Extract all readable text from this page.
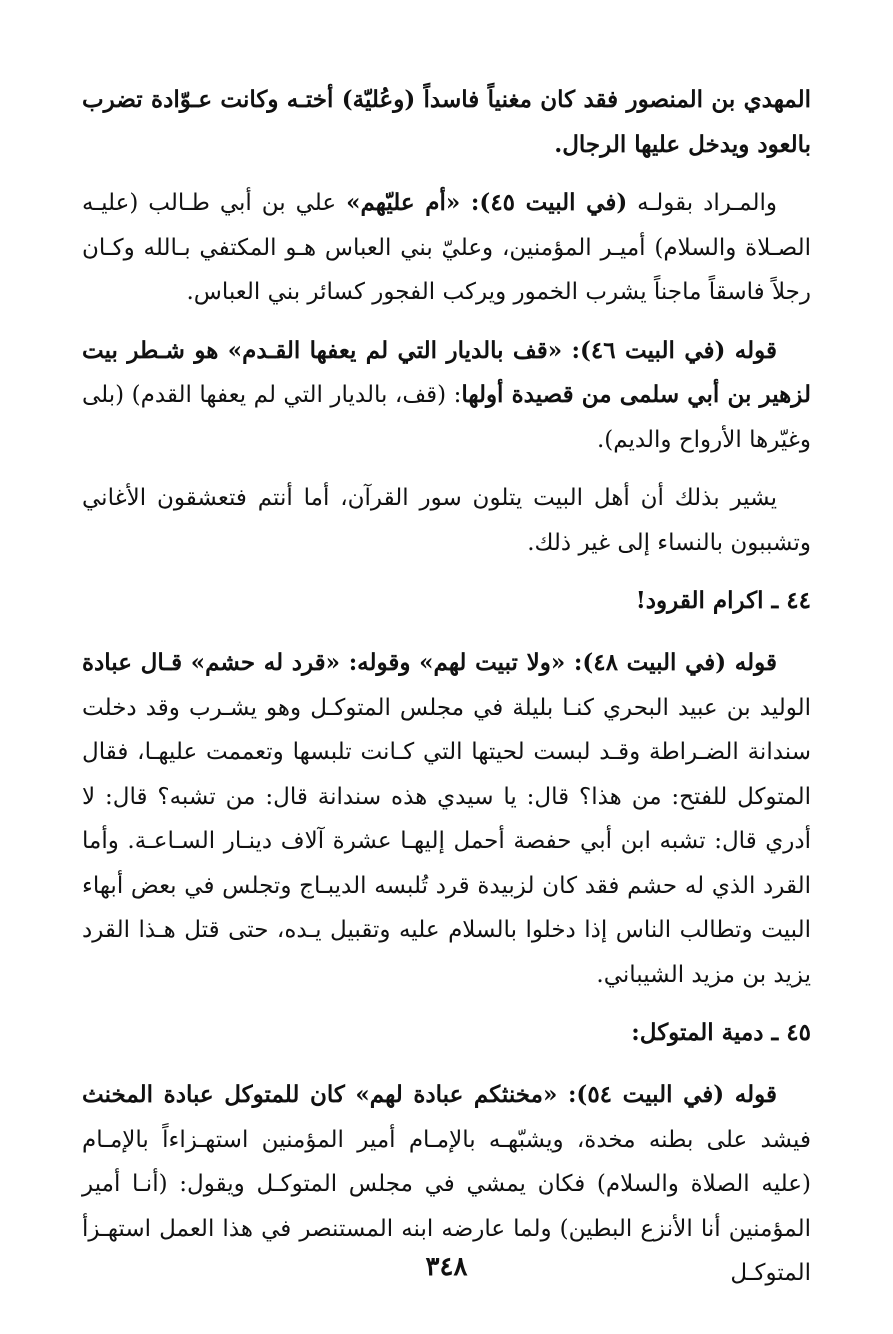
المهدي بن المنصور فقد كان مغنياً فاسداً (وعُليّة) أختـه وكانت عـوّادة تضرب بالعود ويدخل عليها الرجال.

والمـراد بقولـه (في البيت ٤٥): «أم عليّهم» علي بن أبي طـالب (عليـه الصـلاة والسلام) أميـر المؤمنين، وعليّ بني العباس هـو المكتفي بـالله وكـان رجلاً فاسقاً ماجناً يشرب الخمور ويركب الفجور كسائر بني العباس.

قوله (في البيت ٤٦): «قف بالديار التي لم يعفها القـدم» هو شـطر بيت لزهير بن أبي سلمى من قصيدة أولها: (قف، بالديار التي لم يعفها القدم) (بلى وغيّرها الأرواح والديم).

يشير بذلك أن أهل البيت يتلون سور القرآن، أما أنتم فتعشقون الأغاني وتشببون بالنساء إلى غير ذلك.

٤٤ ـ اكرام القرود!

قوله (في البيت ٤٨): «ولا تبيت لهم» وقوله: «قرد له حشم» قـال عبادة الوليد بن عبيد البحري كنـا بليلة في مجلس المتوكـل وهو يشـرب وقد دخلت سندانة الضـراطة وقـد لبست لحيتها التي كـانت تلبسها وتعممت عليهـا، فقال المتوكل للفتح: من هذا؟ قال: يا سيدي هذه سندانة قال: من تشبه؟ قال: لا أدري قال: تشبه ابن أبي حفصة أحمل إليهـا عشرة آلاف دينـار السـاعـة. وأما القرد الذي له حشم فقد كان لزبيدة قرد تُلبسه الديبـاج وتجلس في بعض أبهاء البيت وتطالب الناس إذا دخلوا بالسلام عليه وتقبيل يـده، حتى قتل هـذا القرد يزيد بن مزيد الشيباني.

٤٥ ـ دمية المتوكل:

قوله (في البيت ٥٤): «مخنثكم عبادة لهم» كان للمتوكل عبادة المخنث فيشد على بطنه مخدة، ويشبّهـه بالإمـام أمير المؤمنين استهـزاءاً بالإمـام (عليه الصلاة والسلام) فكان يمشي في مجلس المتوكـل ويقول: (أنـا أمير المؤمنين أنا الأنزع البطين) ولما عارضه ابنه المستنصر في هذا العمل استهـزأ المتوكـل

٣٤٨
